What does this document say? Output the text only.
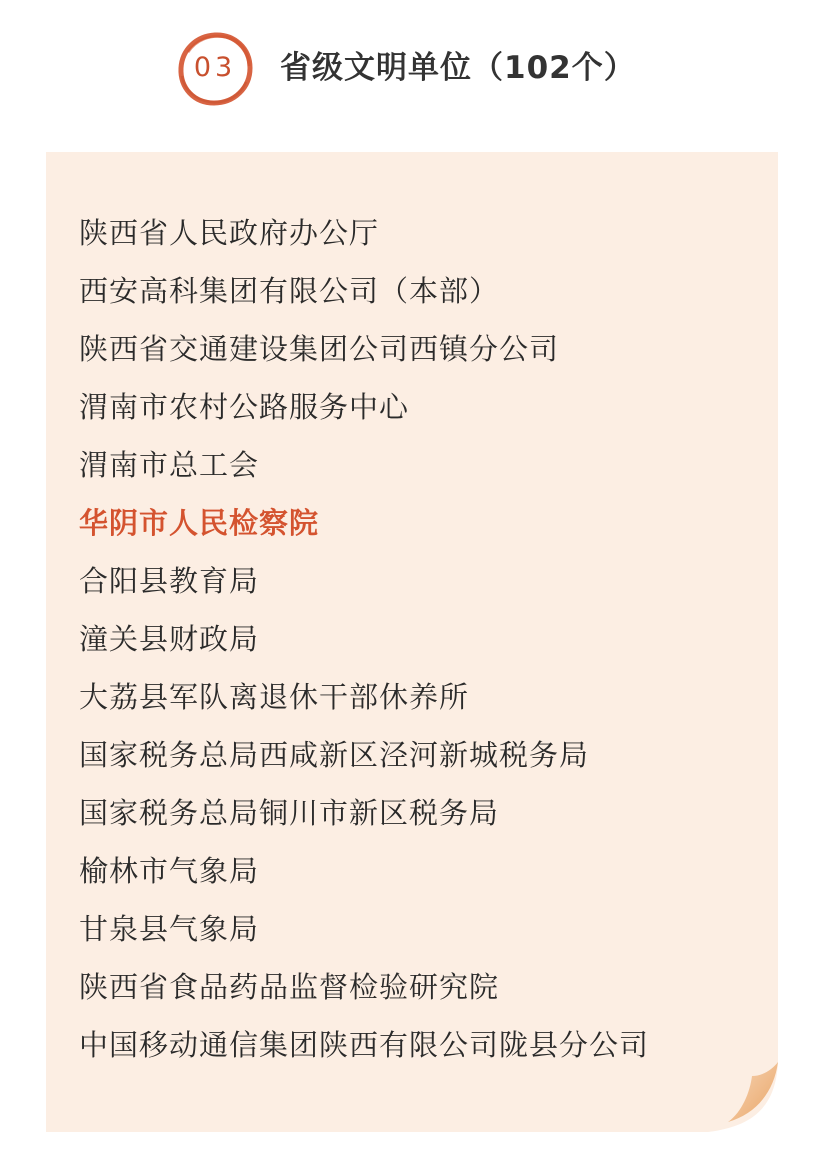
03	省级文明单位（102个）
陕西省人民政府办公厅
西安高科集团有限公司（本部）
陕西省交通建设集团公司西镇分公司
渭南市农村公路服务中心
渭南市总工会
华阴市人民检察院
合阳县教育局
潼关县财政局
大荔县军队离退休干部休养所
国家税务总局西咸新区泾河新城税务局
国家税务总局铜川市新区税务局
榆林市气象局
甘泉县气象局
陕西省食品药品监督检验研究院
中国移动通信集团陕西有限公司陇县分公司
